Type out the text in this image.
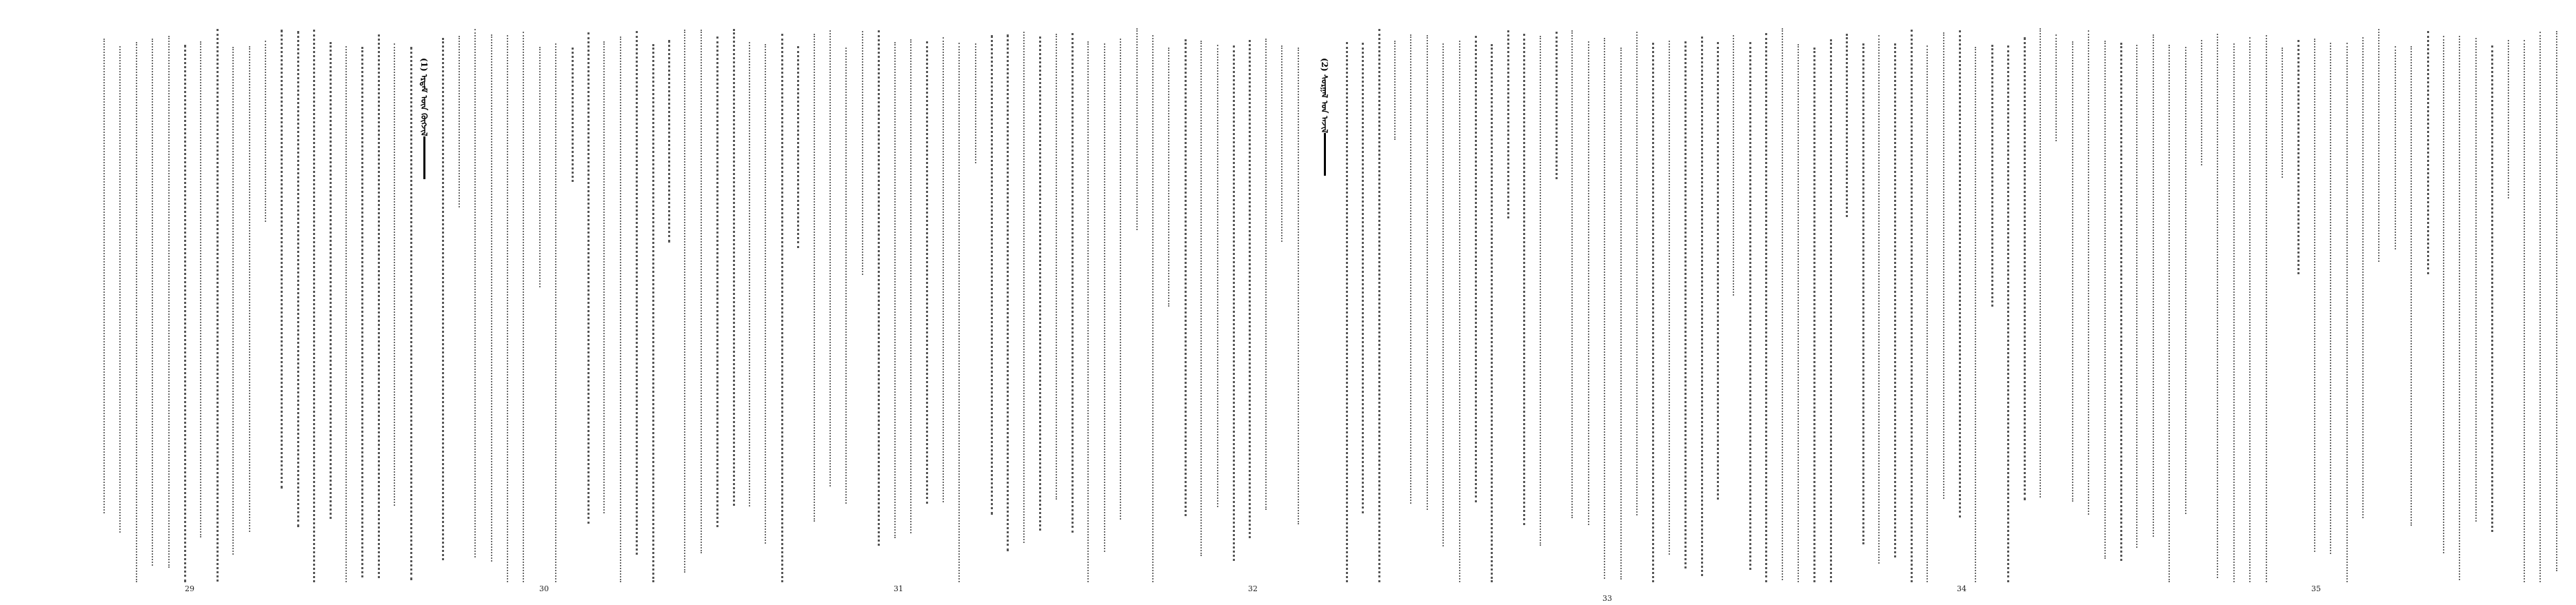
(1) ᠡᠷᠳᠡᠮ ᠦᠨ ᠬᠥᠭᠵᠢᠯ	(2) ᠰᠤᠷᠭᠠᠯ ᠤᠨ ᠠᠵᠢᠯ
29	30	31	32
33
34	35
